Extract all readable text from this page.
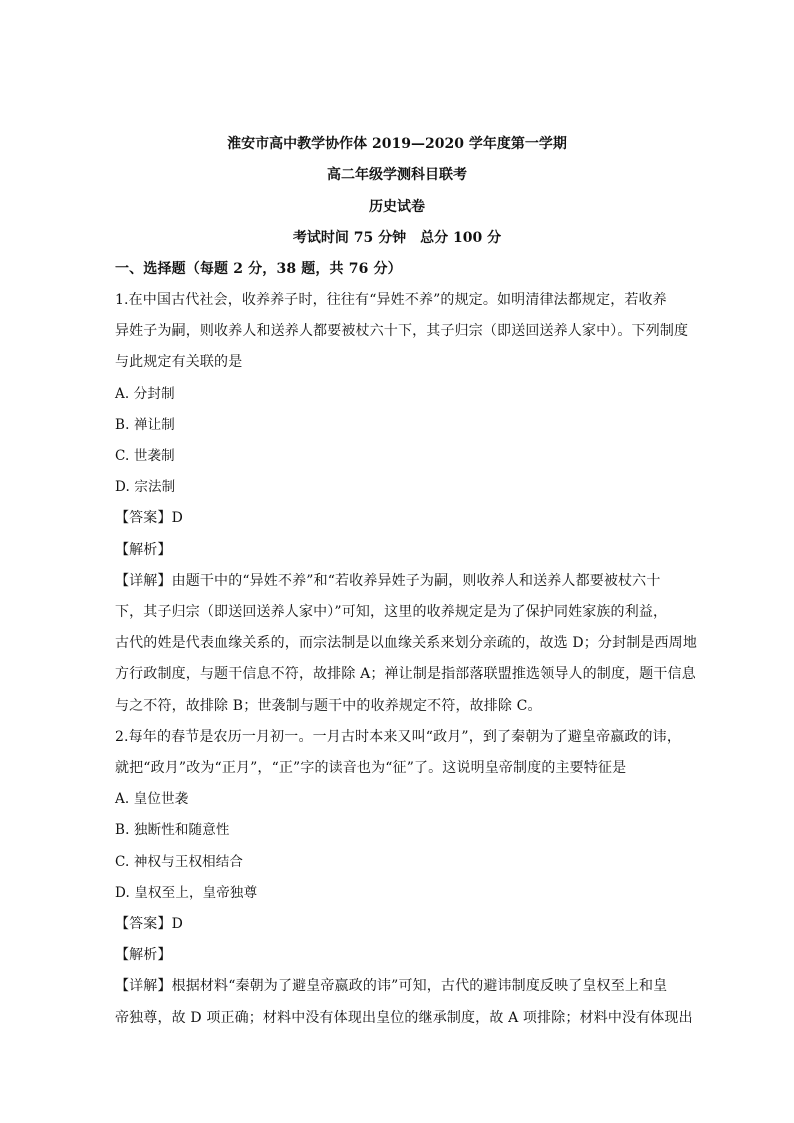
淮安市高中教学协作体 2019—2020 学年度第一学期
高二年级学测科目联考
历史试卷
考试时间 75 分钟　总分 100 分
一、选择题（每题 2 分，38 题，共 76 分）
1.在中国古代社会，收养养子时，往往有“异姓不养”的规定。如明清律法都规定，若收养
异姓子为嗣，则收养人和送养人都要被杖六十下，其子归宗（即送回送养人家中）。下列制度
与此规定有关联的是
A. 分封制
B. 禅让制
C. 世袭制
D. 宗法制
【答案】D
【解析】
【详解】由题干中的“异姓不养”和“若收养异姓子为嗣，则收养人和送养人都要被杖六十
下，其子归宗（即送回送养人家中）”可知，这里的收养规定是为了保护同姓家族的利益，
古代的姓是代表血缘关系的，而宗法制是以血缘关系来划分亲疏的，故选 D；分封制是西周地
方行政制度，与题干信息不符，故排除 A；禅让制是指部落联盟推选领导人的制度，题干信息
与之不符，故排除 B；世袭制与题干中的收养规定不符，故排除 C。
2.每年的春节是农历一月初一。一月古时本来又叫“政月”，到了秦朝为了避皇帝嬴政的讳，
就把“政月”改为“正月”，“正”字的读音也为“征”了。这说明皇帝制度的主要特征是
A. 皇位世袭
B. 独断性和随意性
C. 神权与王权相结合
D. 皇权至上，皇帝独尊
【答案】D
【解析】
【详解】根据材料“秦朝为了避皇帝嬴政的讳”可知，古代的避讳制度反映了皇权至上和皇
帝独尊，故 D 项正确；材料中没有体现出皇位的继承制度，故 A 项排除；材料中没有体现出
